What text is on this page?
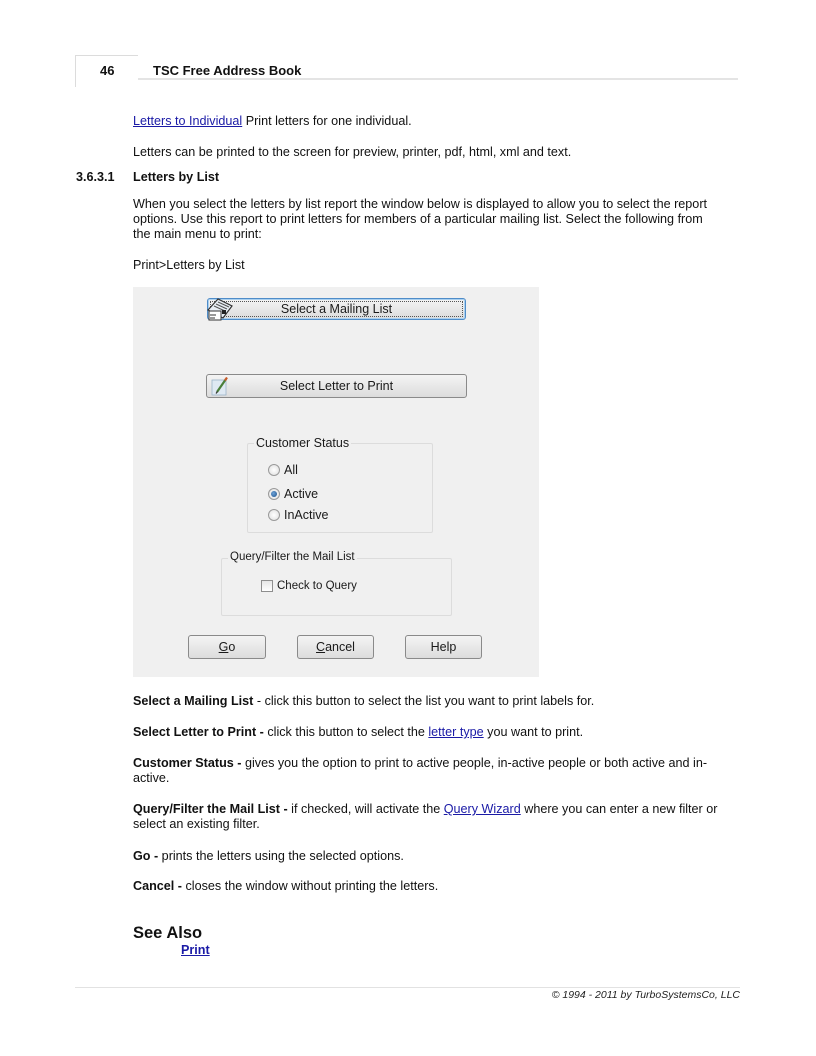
46	TSC Free Address Book
Letters to Individual Print letters for one individual.
Letters can be printed to the screen for preview, printer, pdf, html, xml and text.
3.6.3.1 Letters by List
When you select the letters by list report the window below is displayed to allow you to select the report options. Use this report to print letters for members of a particular mailing list. Select the following from the main menu to print:
Print>Letters by List
Select a Mailing List
Select Letter to Print
Customer Status
All
Active
InActive
Query/Filter the Mail List
Check to Query
Go	Cancel	Help
Select a Mailing List - click this button to select the list you want to print labels for.
Select Letter to Print - click this button to select the letter type you want to print.
Customer Status - gives you the option to print to active people, in-active people or both active and in-active.
Query/Filter the Mail List - if checked, will activate the Query Wizard where you can enter a new filter or select an existing filter.
Go - prints the letters using the selected options.
Cancel - closes the window without printing the letters.
See Also
Print
© 1994 - 2011 by TurboSystemsCo, LLC
